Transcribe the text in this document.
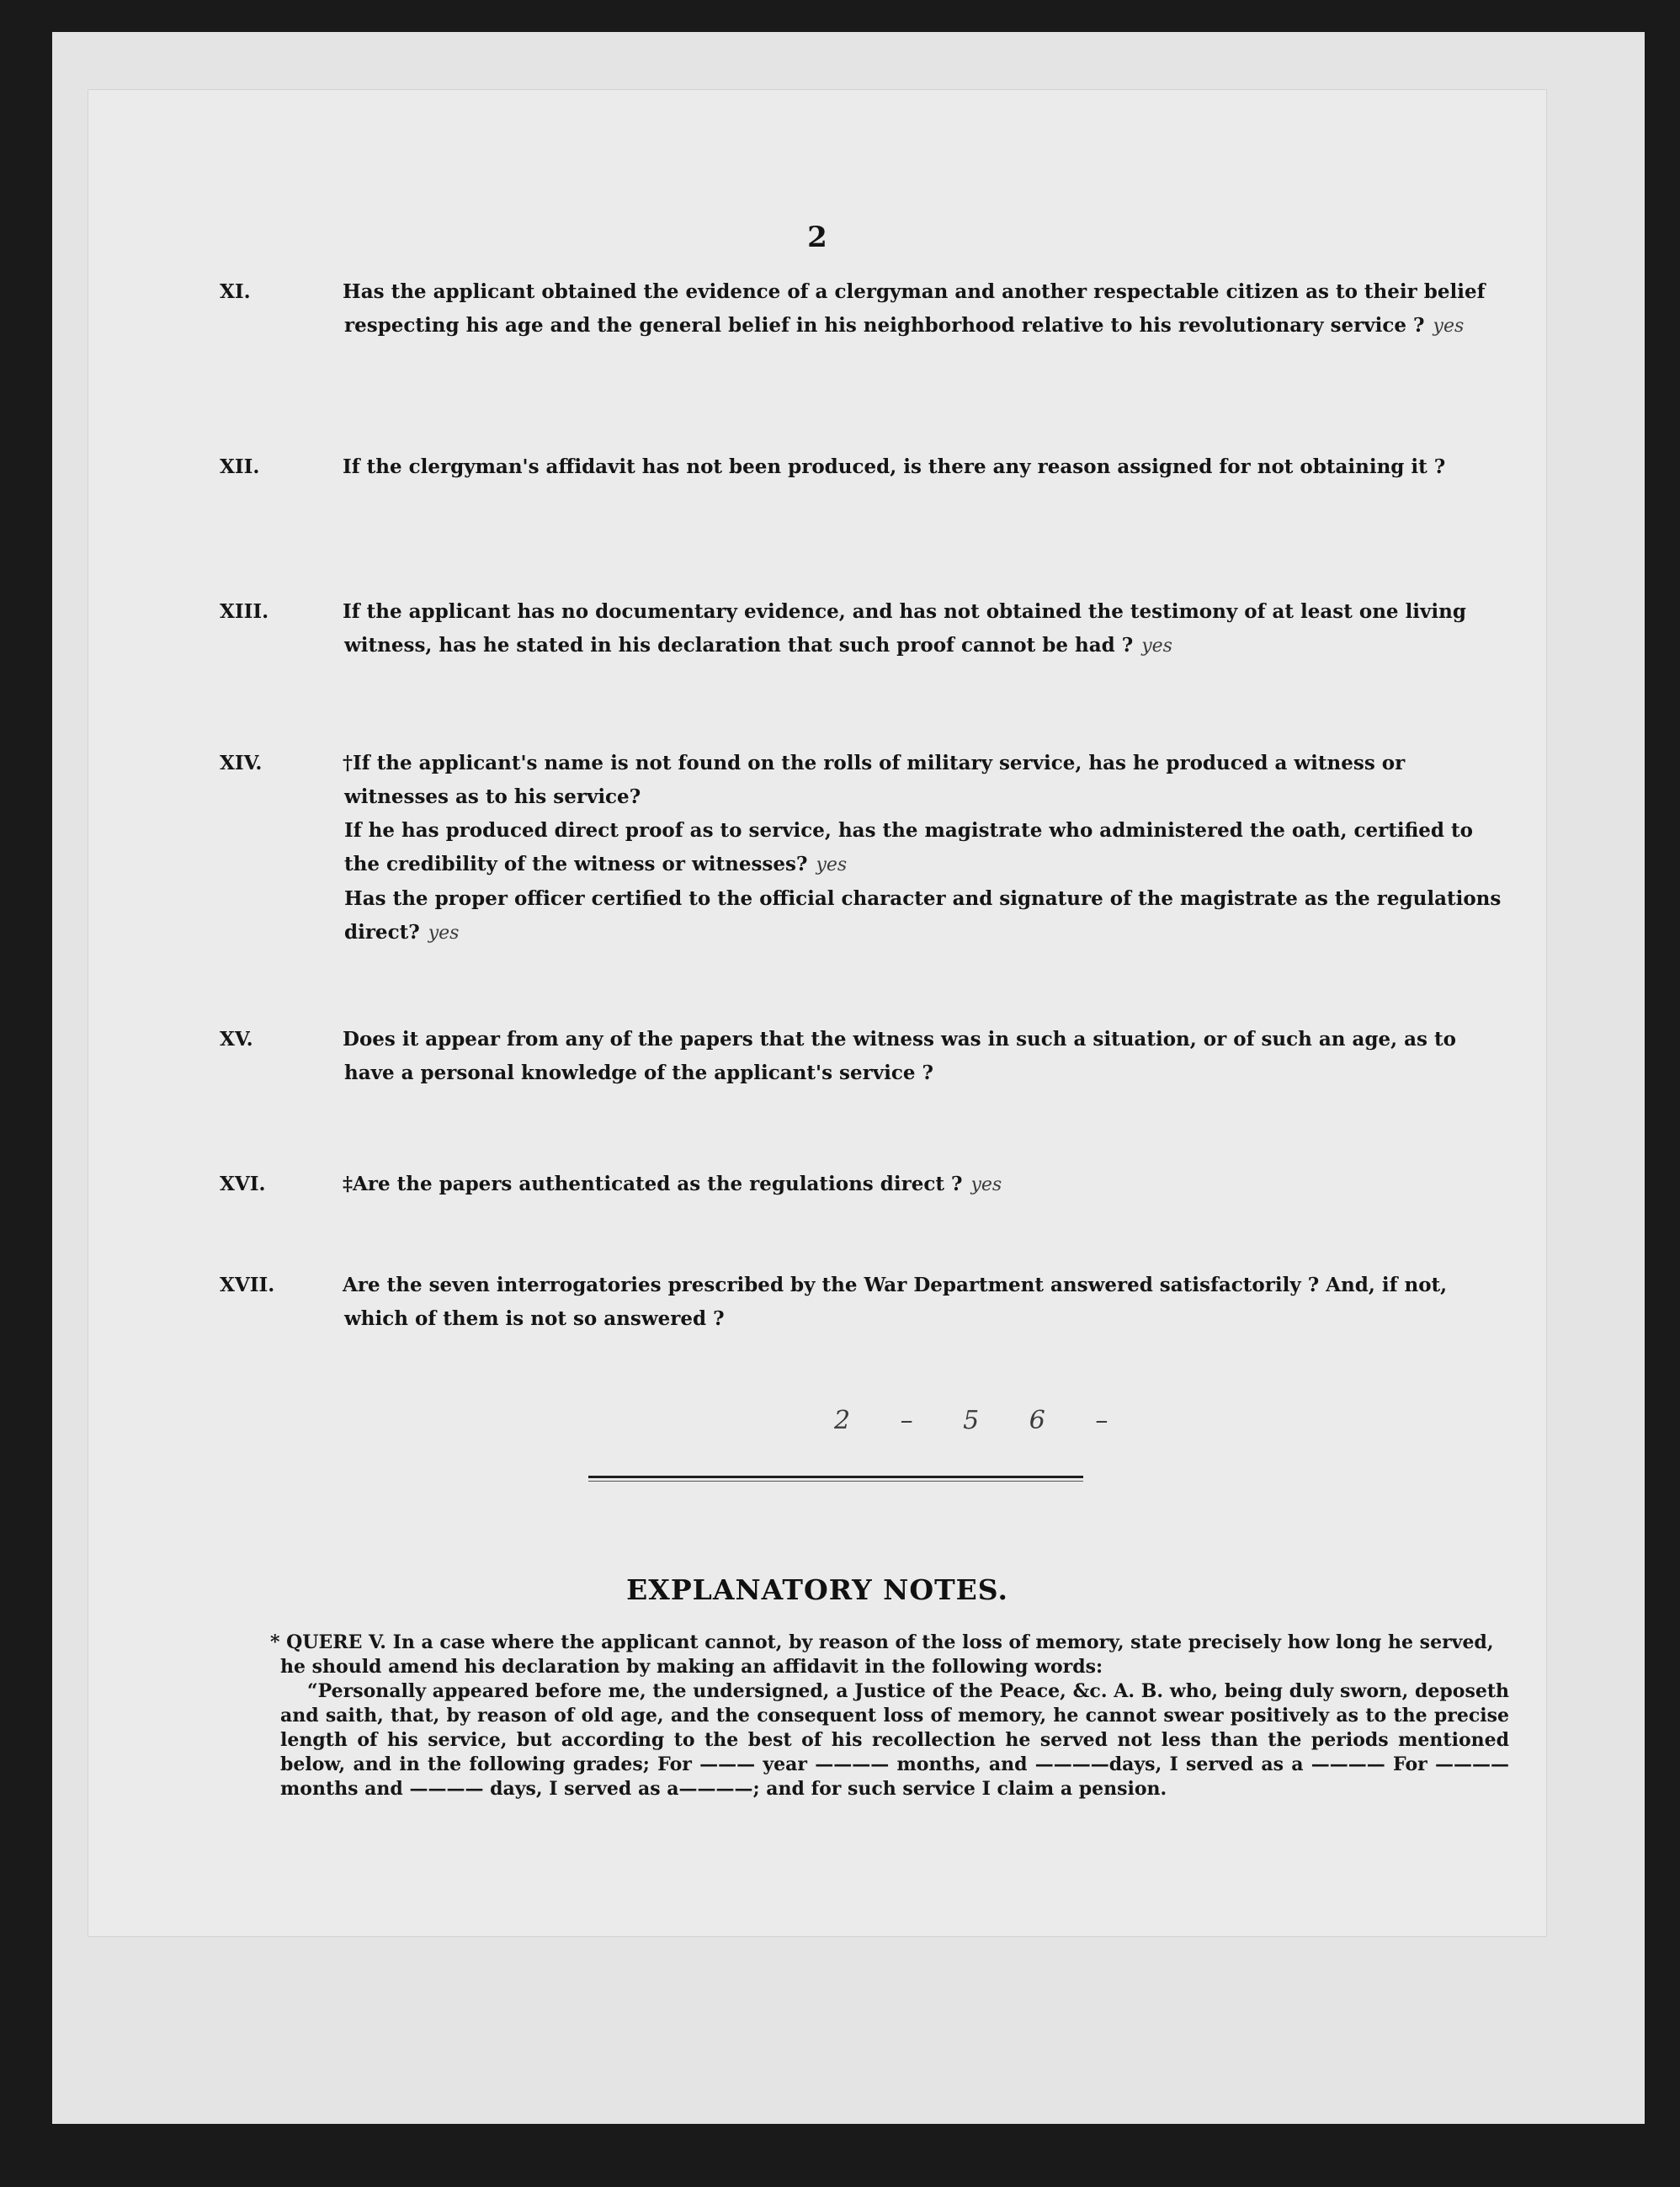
2
XI.	Has the applicant obtained the evidence of a clergyman and another respectable citizen as to their belief respecting his age and the general belief in his neighborhood relative to his revolutionary service ? yes
XII.	If the clergyman's affidavit has not been produced, is there any reason assigned for not obtaining it ?
XIII.	If the applicant has no documentary evidence, and has not obtained the testimony of at least one living witness, has he stated in his declaration that such proof cannot be had ? yes
XIV.	†If the applicant's name is not found on the rolls of military service, has he produced a witness or witnesses as to his service?
If he has produced direct proof as to service, has the magistrate who administered the oath, certified to the credibility of the witness or witnesses? yes
Has the proper officer certified to the official character and signature of the magistrate as the regulations direct? yes
XV.	Does it appear from any of the papers that the witness was in such a situation, or of such an age, as to have a personal knowledge of the applicant's service ?
XVI.	‡Are the papers authenticated as the regulations direct ? yes
XVII.	Are the seven interrogatories prescribed by the War Department answered satisfactorily ? And, if not, which of them is not so answered ?
2 – 5 6 –
EXPLANATORY NOTES.
* QUERE V. In a case where the applicant cannot, by reason of the loss of memory, state precisely how long he served, he should amend his declaration by making an affidavit in the following words:
“Personally appeared before me, the undersigned, a Justice of the Peace, &c. A. B. who, being duly sworn, deposeth and saith, that, by reason of old age, and the consequent loss of memory, he cannot swear positively as to the precise length of his service, but according to the best of his recollection he served not less than the periods mentioned below, and in the following grades; For ——— year ———— months, and ————days, I served as a ———— For ———— months and ———— days, I served as a————; and for such service I claim a pension.
